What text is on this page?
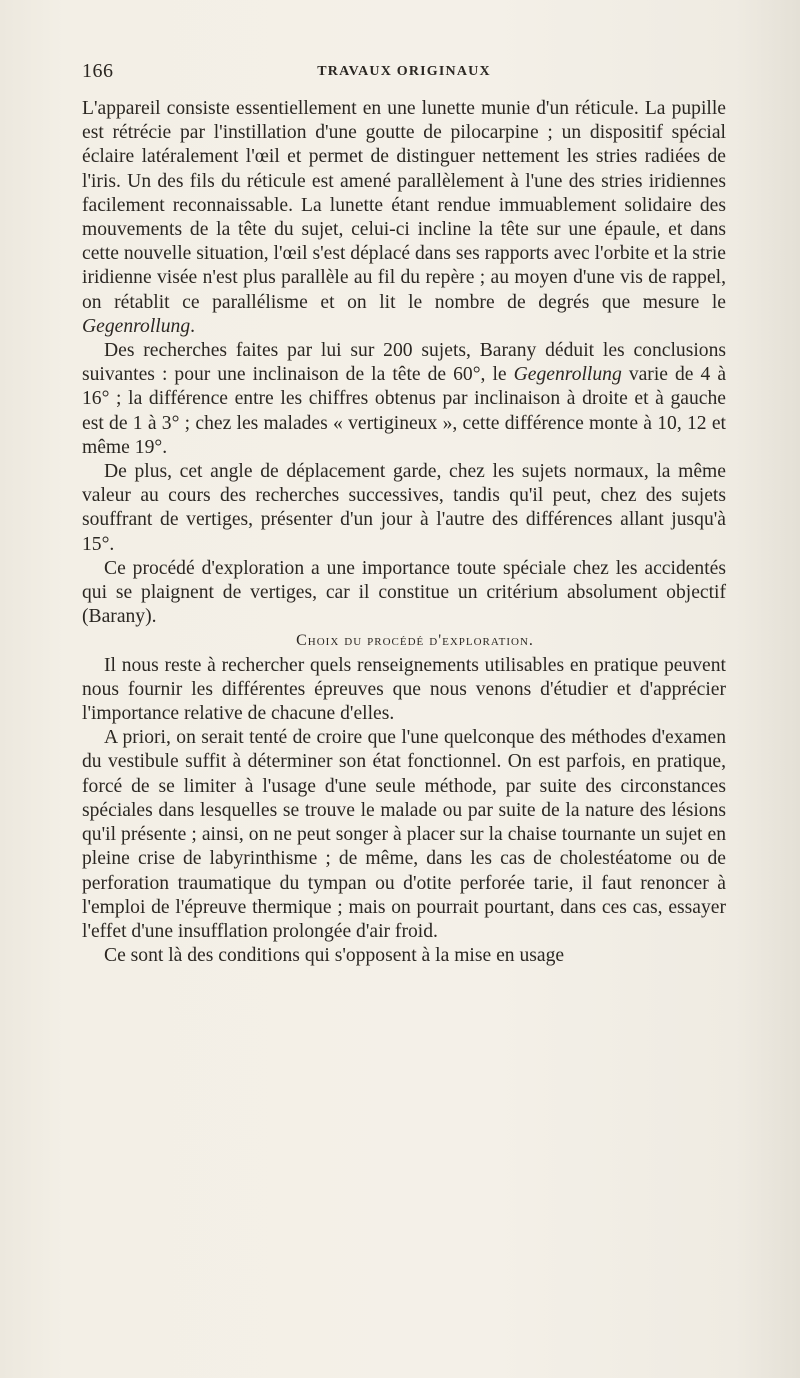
166	TRAVAUX ORIGINAUX

L'appareil consiste essentiellement en une lunette munie d'un réticule. La pupille est rétrécie par l'instillation d'une goutte de pilocarpine ; un dispositif spécial éclaire latéralement l'œil et permet de distinguer nettement les stries radiées de l'iris. Un des fils du réticule est amené parallèlement à l'une des stries iridiennes facilement reconnaissable. La lunette étant rendue immuablement solidaire des mouvements de la tête du sujet, celui-ci incline la tête sur une épaule, et dans cette nouvelle situation, l'œil s'est déplacé dans ses rapports avec l'orbite et la strie iridienne visée n'est plus parallèle au fil du repère ; au moyen d'une vis de rappel, on rétablit ce parallélisme et on lit le nombre de degrés que mesure le Gegenrollung.

Des recherches faites par lui sur 200 sujets, Barany déduit les conclusions suivantes : pour une inclinaison de la tête de 60°, le Gegenrollung varie de 4 à 16° ; la différence entre les chiffres obtenus par inclinaison à droite et à gauche est de 1 à 3° ; chez les malades « vertigineux », cette différence monte à 10, 12 et même 19°.

De plus, cet angle de déplacement garde, chez les sujets normaux, la même valeur au cours des recherches successives, tandis qu'il peut, chez des sujets souffrant de vertiges, présenter d'un jour à l'autre des différences allant jusqu'à 15°.

Ce procédé d'exploration a une importance toute spéciale chez les accidentés qui se plaignent de vertiges, car il constitue un critérium absolument objectif (Barany).

Choix du procédé d'exploration.

Il nous reste à rechercher quels renseignements utilisables en pratique peuvent nous fournir les différentes épreuves que nous venons d'étudier et d'apprécier l'importance relative de chacune d'elles.

A priori, on serait tenté de croire que l'une quelconque des méthodes d'examen du vestibule suffit à déterminer son état fonctionnel. On est parfois, en pratique, forcé de se limiter à l'usage d'une seule méthode, par suite des circonstances spéciales dans lesquelles se trouve le malade ou par suite de la nature des lésions qu'il présente ; ainsi, on ne peut songer à placer sur la chaise tournante un sujet en pleine crise de labyrinthisme ; de même, dans les cas de cholestéatome ou de perforation traumatique du tympan ou d'otite perforée tarie, il faut renoncer à l'emploi de l'épreuve thermique ; mais on pourrait pourtant, dans ces cas, essayer l'effet d'une insufflation prolongée d'air froid.

Ce sont là des conditions qui s'opposent à la mise en usage
